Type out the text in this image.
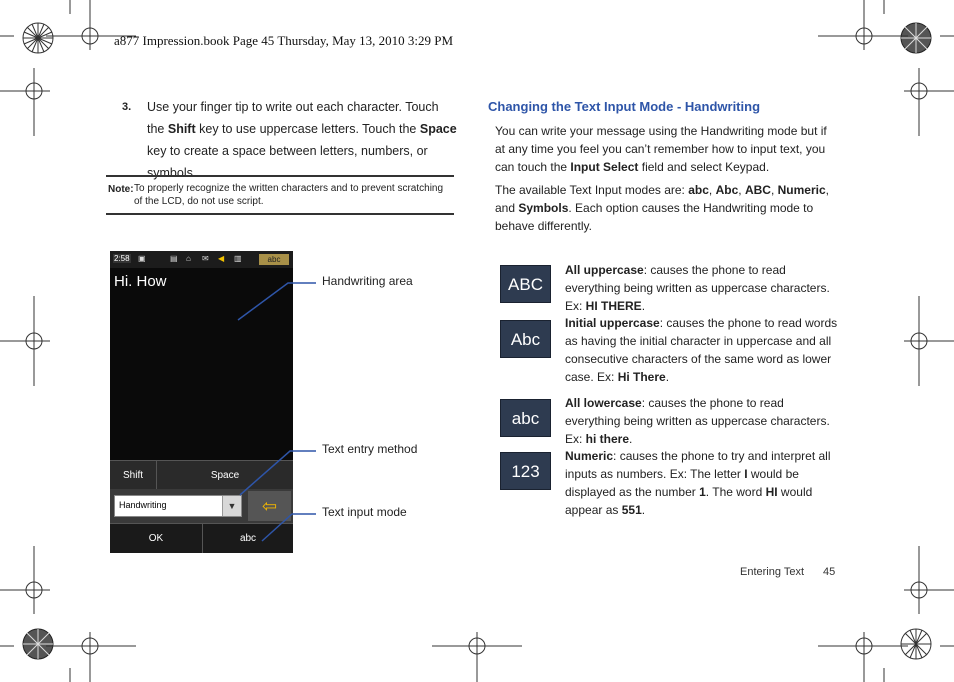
a877 Impression.book Page 45 Thursday, May 13, 2010 3:29 PM
3. Use your finger tip to write out each character. Touch the Shift key to use uppercase letters. Touch the Space key to create a space between letters, numbers, or symbols.
Note: To properly recognize the written characters and to prevent scratching of the LCD, do not use script.
2:58 ▣	▤ ⌂ ✉ ◀ ▥	abc
Hi. How
Shift	Space
Handwriting	▼	⇦
OK	abc
Handwriting area
Text entry method
Text input mode
Changing the Text Input Mode - Handwriting
You can write your message using the Handwriting mode but if at any time you feel you can’t remember how to input text, you can touch the Input Select field and select Keypad.
The available Text Input modes are: abc, Abc, ABC, Numeric, and Symbols. Each option causes the Handwriting mode to behave differently.
ABC
All uppercase: causes the phone to read everything being written as uppercase characters. Ex: HI THERE.
Abc
Initial uppercase: causes the phone to read words as having the initial character in uppercase and all consecutive characters of the same word as lower case. Ex: Hi There.
abc
All lowercase: causes the phone to read everything being written as uppercase characters. Ex: hi there.
123
Numeric: causes the phone to try and interpret all inputs as numbers. Ex: The letter I would be displayed as the number 1. The word HI would appear as 551.
Entering Text 45
